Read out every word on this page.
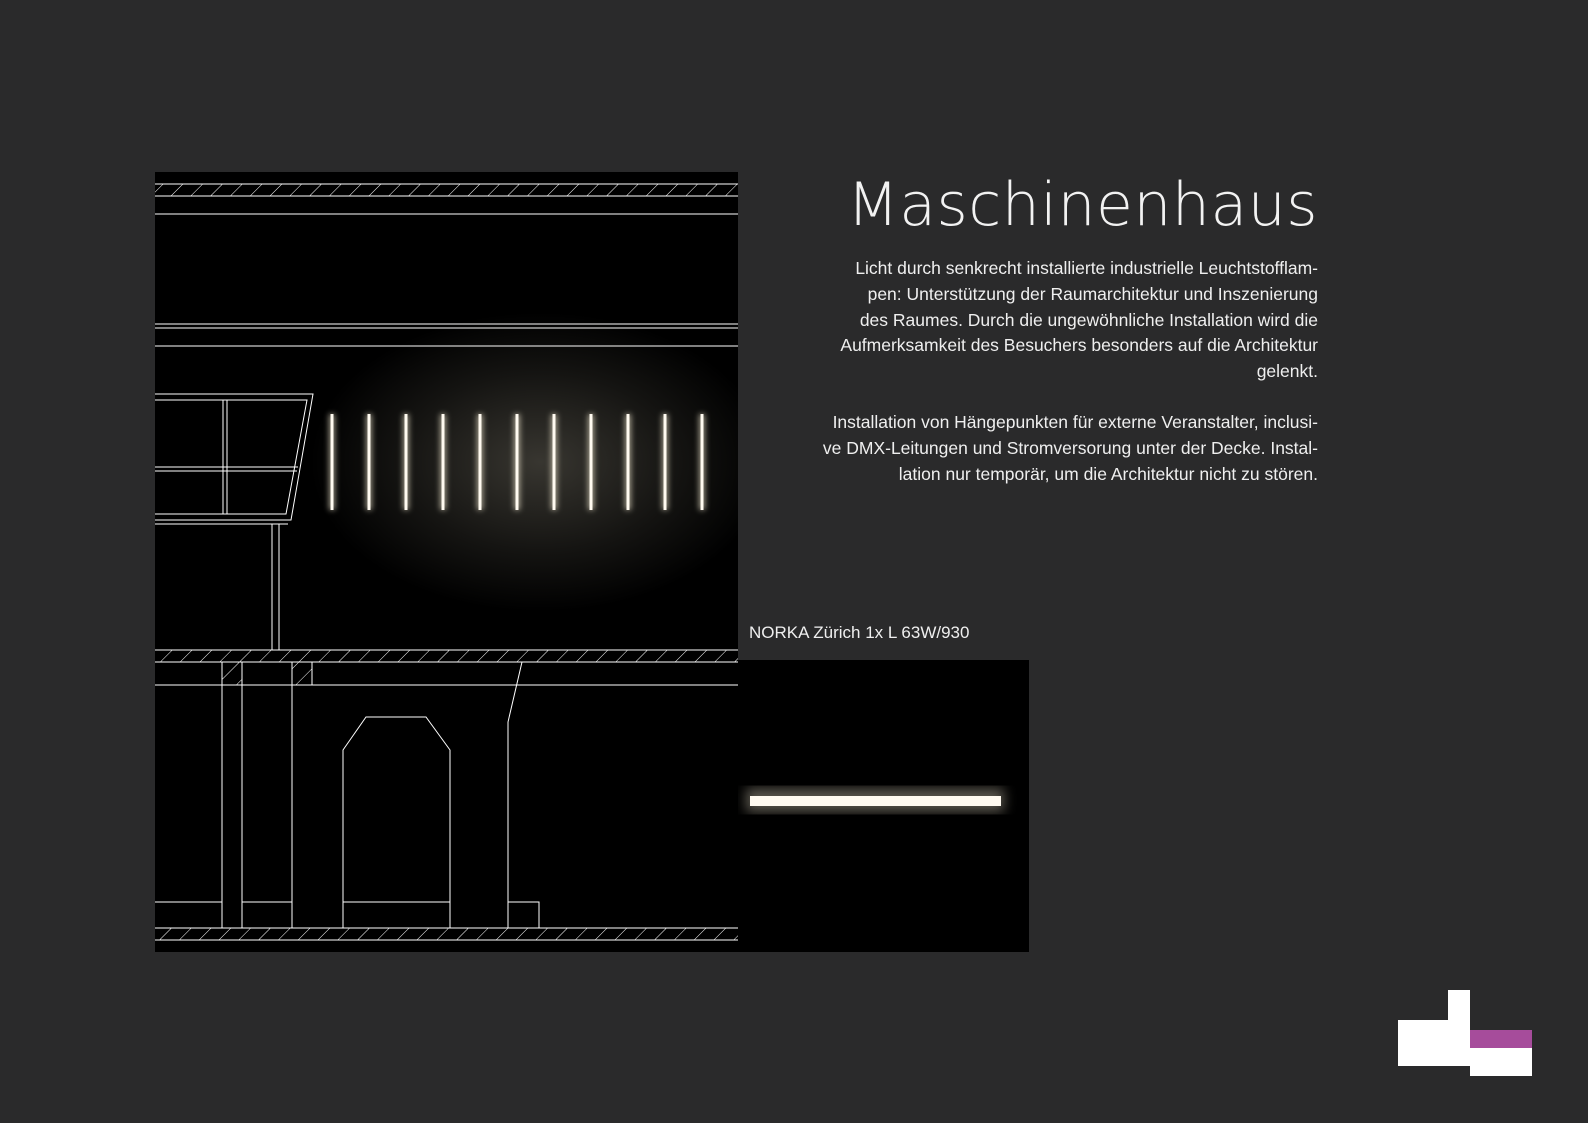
Maschinenhaus

Licht durch senkrecht installierte industrielle Leuchtstofflam-
pen: Unterstützung der Raumarchitektur und Inszenierung
des Raumes. Durch die ungewöhnliche Installation wird die
Aufmerksamkeit des Besuchers besonders auf die Architektur
gelenkt.

Installation von Hängepunkten für externe Veranstalter, inclusi-
ve DMX-Leitungen und Stromversorung unter der Decke. Instal-
lation nur temporär, um die Architektur nicht zu stören.

NORKA Zürich 1x L 63W/930
